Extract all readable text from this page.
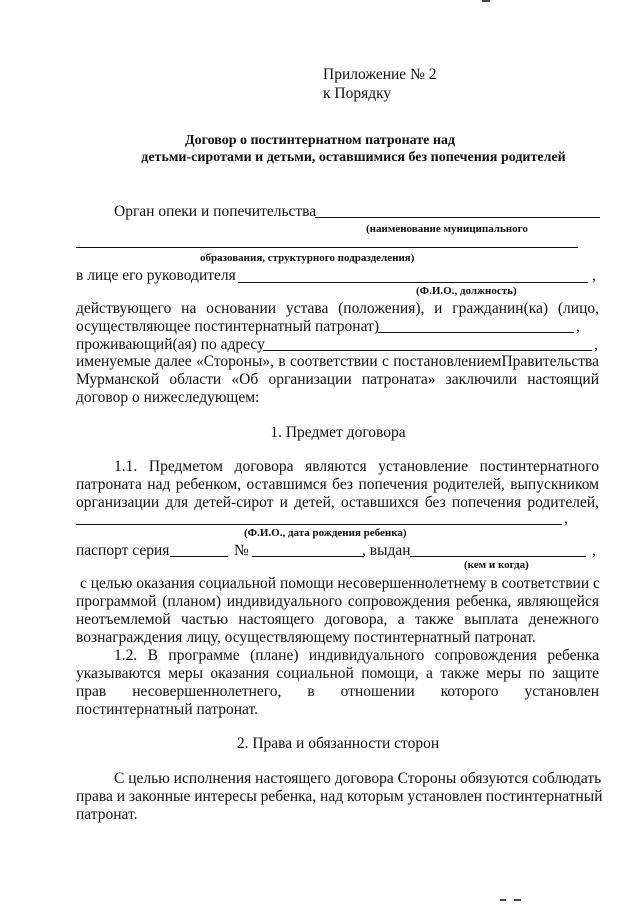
Приложение № 2
к Порядку
Договор о постинтернатном патронате над
детьми-сиротами и детьми, оставшимися без попечения родителей
Орган опеки и попечительства
(наименование муниципального
образования, структурного подразделения)
в лице его руководителя	,
(Ф.И.О., должность)
действующего на основании устава (положения), и гражданин(ка) (лицо,
осуществляющее постинтернатный патронат)	,
проживающий(ая) по адресу	,
именуемые далее «Стороны», в соответствии с постановлениемПравительства
Мурманской области «Об организации патроната» заключили настоящий
договор о нижеследующем:
1. Предмет договора
1.1. Предметом договора являются установление постинтернатного
патроната над ребенком, оставшимся без попечения родителей, выпускником
организации для детей-сирот и детей, оставшихся без попечения родителей,
,
(Ф.И.О., дата рождения ребенка)
паспорт серия	№	, выдан	,
(кем и когда)
с целью оказания социальной помощи несовершеннолетнему в соответствии с
программой (планом) индивидуального сопровождения ребенка, являющейся
неотъемлемой частью настоящего договора, а также выплата денежного
вознаграждения лицу, осуществляющему постинтернатный патронат.
1.2. В программе (плане) индивидуального сопровождения ребенка
указываются меры оказания социальной помощи, а также меры по защите
прав несовершеннолетнего, в отношении которого установлен
постинтернатный патронат.
2. Права и обязанности сторон
С целью исполнения настоящего договора Стороны обязуются соблюдать
права и законные интересы ребенка, над которым установлен постинтернатный
патронат.
